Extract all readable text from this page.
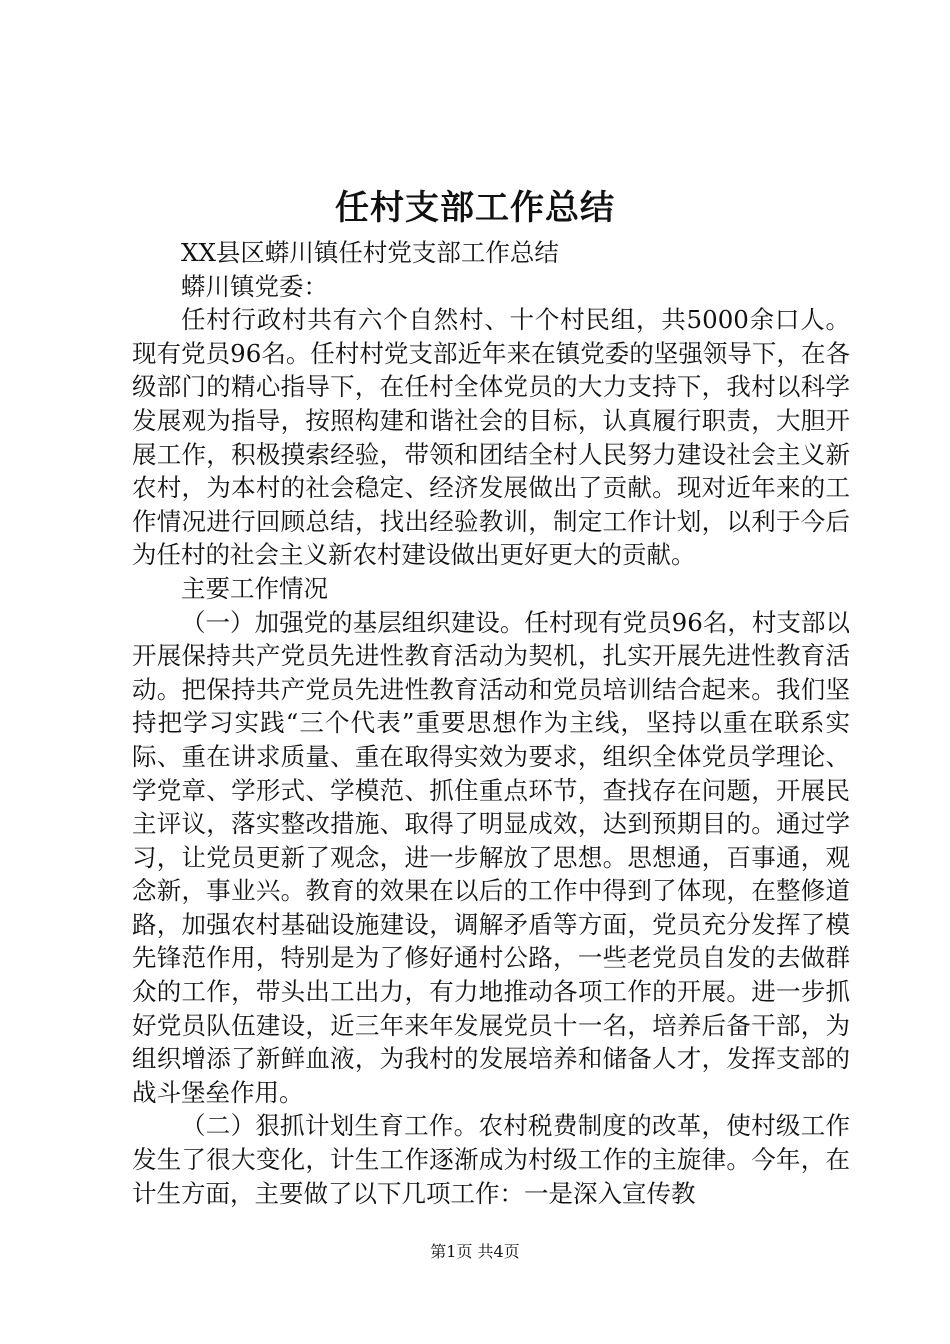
任村支部工作总结

XX县区蟒川镇任村党支部工作总结

蟒川镇党委：

任村行政村共有六个自然村、十个村民组，共5000余口人。现有党员96名。任村村党支部近年来在镇党委的坚强领导下，在各级部门的精心指导下，在任村全体党员的大力支持下，我村以科学发展观为指导，按照构建和谐社会的目标，认真履行职责，大胆开展工作，积极摸索经验，带领和团结全村人民努力建设社会主义新农村，为本村的社会稳定、经济发展做出了贡献。现对近年来的工作情况进行回顾总结，找出经验教训，制定工作计划，以利于今后为任村的社会主义新农村建设做出更好更大的贡献。

主要工作情况

（一）加强党的基层组织建设。任村现有党员96名，村支部以开展保持共产党员先进性教育活动为契机，扎实开展先进性教育活动。把保持共产党员先进性教育活动和党员培训结合起来。我们坚持把学习实践“三个代表”重要思想作为主线，坚持以重在联系实际、重在讲求质量、重在取得实效为要求，组织全体党员学理论、学党章、学形式、学模范、抓住重点环节，查找存在问题，开展民主评议，落实整改措施、取得了明显成效，达到预期目的。通过学习，让党员更新了观念，进一步解放了思想。思想通，百事通，观念新，事业兴。教育的效果在以后的工作中得到了体现，在整修道路，加强农村基础设施建设，调解矛盾等方面，党员充分发挥了模先锋范作用，特别是为了修好通村公路，一些老党员自发的去做群众的工作，带头出工出力，有力地推动各项工作的开展。进一步抓好党员队伍建设，近三年来年发展党员十一名，培养后备干部，为组织增添了新鲜血液，为我村的发展培养和储备人才，发挥支部的战斗堡垒作用。

（二）狠抓计划生育工作。农村税费制度的改革，使村级工作发生了很大变化，计生工作逐渐成为村级工作的主旋律。今年，在计生方面，主要做了以下几项工作：一是深入宣传教

第1页 共4页
